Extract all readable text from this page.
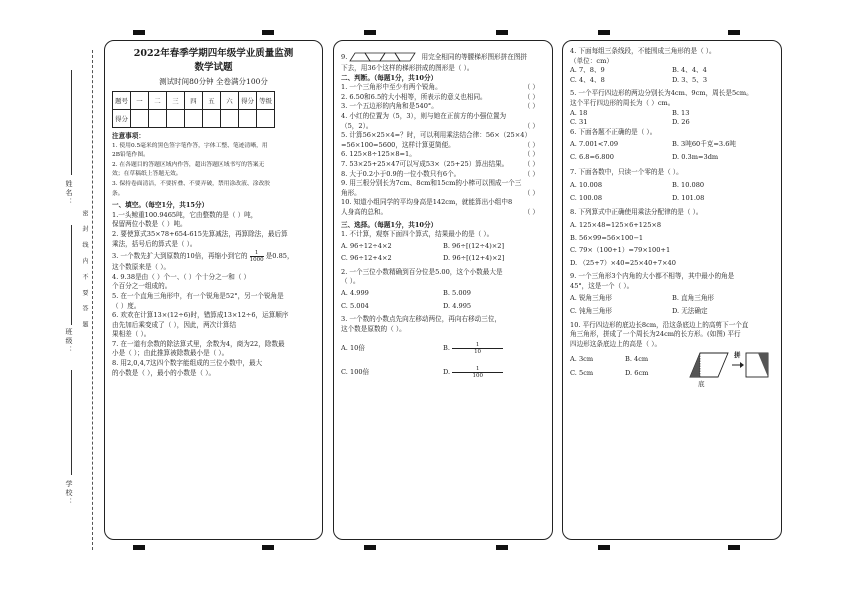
姓名：
密 封 线 内 不 要 答 题
班级：
学校：
2022年春季学期四年级学业质量监测
数学试题
测试时间80分钟 全卷满分100分
题号	一	二	三	四	五	六	得分	等级
得分								
注意事项：
1. 使用0.5毫米的黑色签字笔作答，字体工整、笔迹清晰，用
2B铅笔作图。
2. 在各题目的答题区域内作答，超出答题区域书写的答案无
效；在草稿纸上答题无效。
3. 保持卷面清洁，不要折叠、不要弄破，禁用涂改液、涂改胶
条。
一、填空。（每空1分，共15分）
1.一头鲸重100.9465吨，它由整数的是（ ）吨，
保留两位小数是（ ）吨。
2. 要使算式35×78+654-615先算减法，再算除法，最后算
乘法，括号后的算式是（ ）。
3. 一个数先扩大到原数的10倍，再缩小到它的 $\frac{1}{1000}$ 是0.85，
这个数原来是（ ）。
4. 9.38是由（ ）个一、（ ）个十分之一和（ ）
个百分之一组成的。
5. 在一个直角三角形中，有一个锐角是52°，另一个锐角是
（ ）度。
6. 欢欢在计算13×(12÷6)时，错算成13×12÷6，运算顺序
由先加后乘变成了（ ），因此，两次计算结
果相差（ ）。
7. 在一道有余数的除法算式里，余数为4，商为22，除数最
小是（ ）；由此推算被除数最小是（ ）。
8. 用2,0,4,7这四个数字能组成的三位小数中，最大
的小数是（ ），最小的小数是（ ）。
9.	用完全相同的等腰梯形图形拼在图拼
下去，用36个这样的梯形拼成的图形是（ ）。
二、判断。（每题1分，共10分）
1. 一个三角形中至少有两个锐角。	（ ）
2. 6.50和6.5的大小相等，所表示的意义也相同。	（ ）
3. 一个五边形的内角和是540°。	（ ）
4. 小红的位置为（5，3），则与她在正前方的小强位置为
（5，2）。	（ ）
5. 计算56×25×4=？时，可以利用乘法结合律：56×（25×4）
=56×100=5600，这样计算更简便。	（ ）
6. 125×8÷125×8=1。	（ ）
7. 53×25+25×47可以写成53×（25+25）算出结果。 （ ）
8. 大于0.2小于0.9的一位小数只有6个。	（ ）
9. 用三根分别长为7cm、8cm和15cm的小棒可以围成一个三
角形。	（ ）
10. 知道小组同学的平均身高是142cm，就能算出小组中8
人身高的总和。	（ ）
三、选择。（每题1分，共10分）
1. 不计算，观察下面四个算式，结果最小的是（ ）。
A. 96÷12÷4×2	B. 96÷[(12÷4)×2]
C. 96÷12+4×2	D. 96÷[(12+4)×2]
2. 一个三位小数精确到百分位是5.00，这个小数最大是
（ ）。
A. 4.999	B. 5.009
C. 5.004	D. 4.995
3. 一个数的小数点先向左移动两位，再向右移动三位，
这个数是原数的（ ）。
A. 10倍	B. $\frac{1}{10}$
C. 100倍	D. $\frac{1}{100}$
4. 下面每组三条线段，不能围成三角形的是（ ）。
（单位：cm）
A. 7、8、9	B. 4、4、4
C. 4、4、8	D. 3、5、3
5. 一个平行四边形的两边分别长为4cm、9cm，周长是5cm。
这个平行四边形的周长为（ ）cm。
A. 18	B. 13
C. 31	D. 26
6. 下面各题不正确的是（ ）。
A. 7.001<7.09	B. 3吨60千克=3.6吨
C. 6.8=6.800	D. 0.3m=3dm
7. 下面各数中，只读一个零的是（ ）。
A. 10.008	B. 10.080
C. 100.08	D. 101.08
8. 下列算式中正确使用乘法分配律的是（ ）。
A. 125×48=125×6+125×8
B. 56×99=56×100−1
C. 79×（100+1）=79×100+1
D. （25+7）×40=25×40+7×40
9. 一个三角形3个内角的大小都不相等，其中最小的角是
45°，这是一个（ ）。
A. 锐角三角形	B. 直角三角形
C. 钝角三角形	D. 无法确定
10. 平行四边形的底边长8cm，沿这条底边上的高剪下一个直
角三角形，拼成了一个周长为24cm的长方形。(如图) 平行
四边形这条底边上的高是（ ）。
A. 3cm	B. 4cm
C. 5cm	D. 6cm
拼
底
